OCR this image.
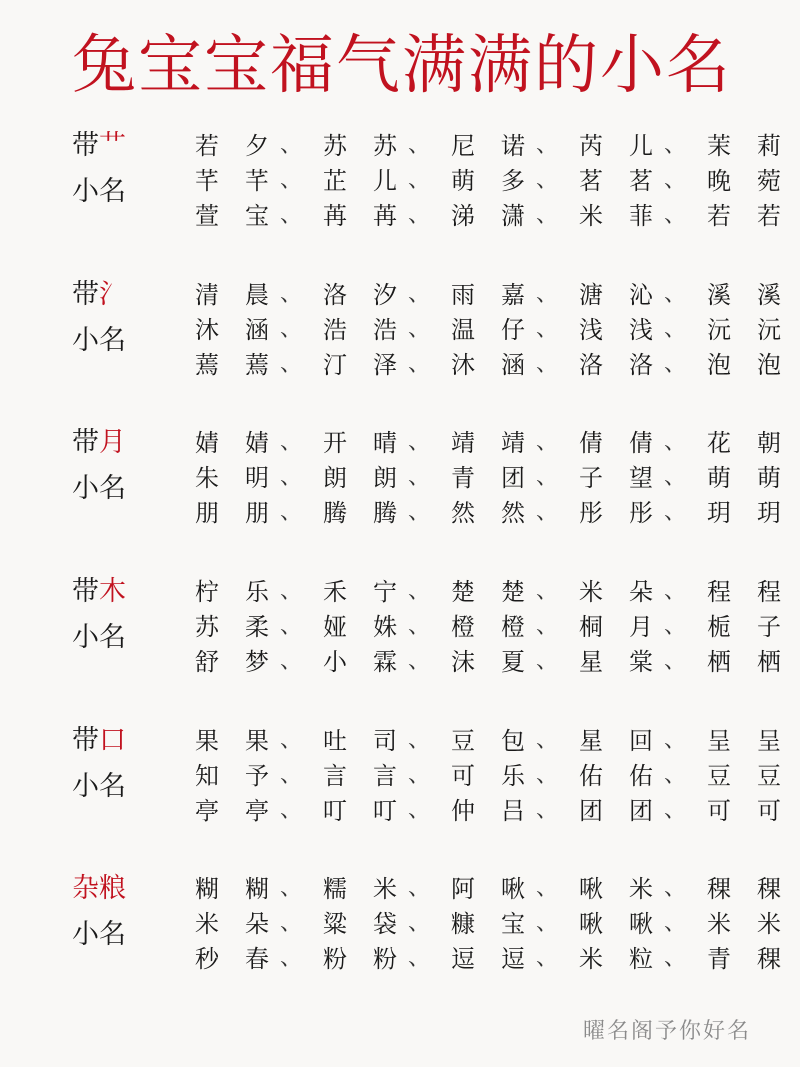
兔宝宝福气满满的小名
带艹
小名
若 夕 、 苏 苏 、 尼 诺 、 芮 儿 、 茉 莉
芊 芊 、 芷 儿 、 萌 多 、 茗 茗 、 晚 菀
萱 宝 、 苒 苒 、 涕 潇 、 米 菲 、 若 若
带氵
小名
清 晨 、 洛 汐 、 雨 嘉 、 溏 沁 、 溪 溪
沐 涵 、 浩 浩 、 温 仔 、 浅 浅 、 沅 沅
蔫 蔫 、 汀 泽 、 沐 涵 、 洛 洛 、 泡 泡
带月
小名
婧 婧 、 开 晴 、 靖 靖 、 倩 倩 、 花 朝
朱 明 、 朗 朗 、 青 团 、 子 望 、 萌 萌
朋 朋 、 腾 腾 、 然 然 、 彤 彤 、 玥 玥
带木
小名
柠 乐 、 禾 宁 、 楚 楚 、 米 朵 、 程 程
苏 柔 、 娅 姝 、 橙 橙 、 桐 月 、 栀 子
舒 梦 、 小 霖 、 沫 夏 、 星 棠 、 栖 栖
带口
小名
果 果 、 吐 司 、 豆 包 、 星 回 、 呈 呈
知 予 、 言 言 、 可 乐 、 佑 佑 、 豆 豆
亭 亭 、 叮 叮 、 仲 吕 、 团 团 、 可 可
杂粮
小名
糊 糊 、 糯 米 、 阿 啾 、 啾 米 、 稞 稞
米 朵 、 粱 袋 、 糠 宝 、 啾 啾 、 米 米
秒 春 、 粉 粉 、 逗 逗 、 米 粒 、 青 稞
曜名阁予你好名
